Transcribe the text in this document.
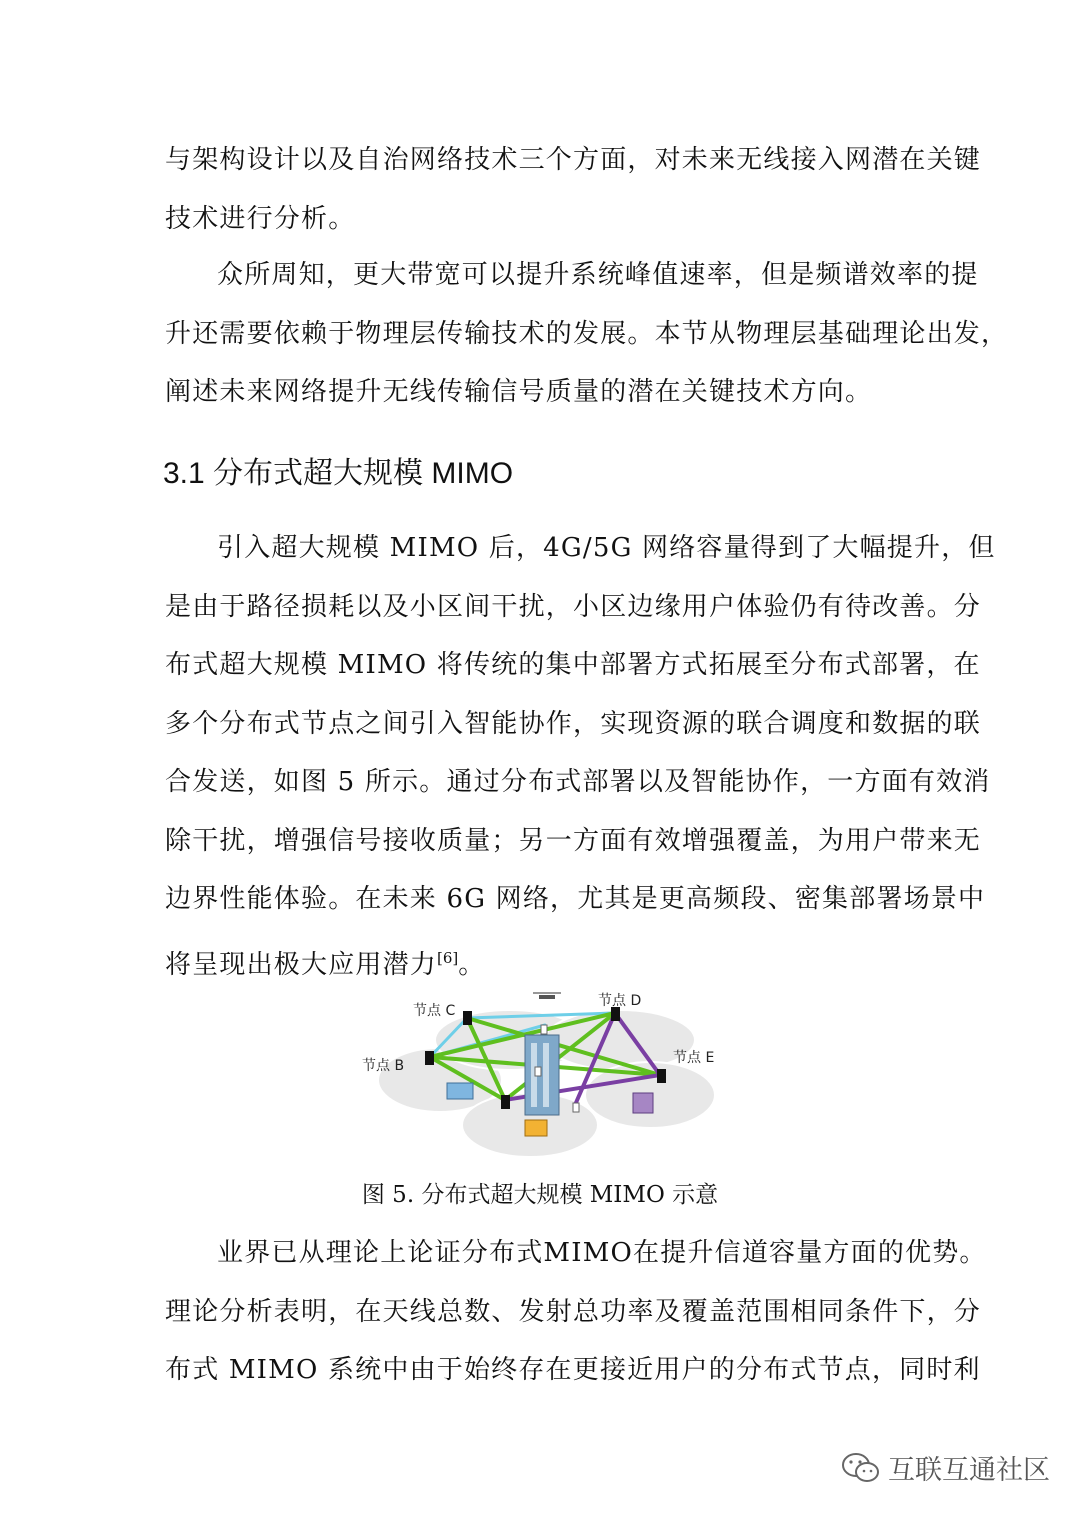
与架构设计以及自治网络技术三个方面，对未来无线接入网潜在关键
技术进行分析。
众所周知，更大带宽可以提升系统峰值速率，但是频谱效率的提
升还需要依赖于物理层传输技术的发展。本节从物理层基础理论出发，
阐述未来网络提升无线传输信号质量的潜在关键技术方向。
3.1 分布式超大规模 MIMO
引入超大规模 MIMO 后，4G/5G 网络容量得到了大幅提升，但
是由于路径损耗以及小区间干扰，小区边缘用户体验仍有待改善。分
布式超大规模 MIMO 将传统的集中部署方式拓展至分布式部署，在
多个分布式节点之间引入智能协作，实现资源的联合调度和数据的联
合发送，如图 5 所示。通过分布式部署以及智能协作，一方面有效消
除干扰，增强信号接收质量；另一方面有效增强覆盖，为用户带来无
边界性能体验。在未来 6G 网络，尤其是更高频段、密集部署场景中
将呈现出极大应用潜力[6]。
节点 C
节点 D
节点 B	节点 E
图 5. 分布式超大规模 MIMO 示意
业界已从理论上论证分布式MIMO在提升信道容量方面的优势。
理论分析表明，在天线总数、发射总功率及覆盖范围相同条件下，分
布式 MIMO 系统中由于始终存在更接近用户的分布式节点，同时利
互联互通社区
